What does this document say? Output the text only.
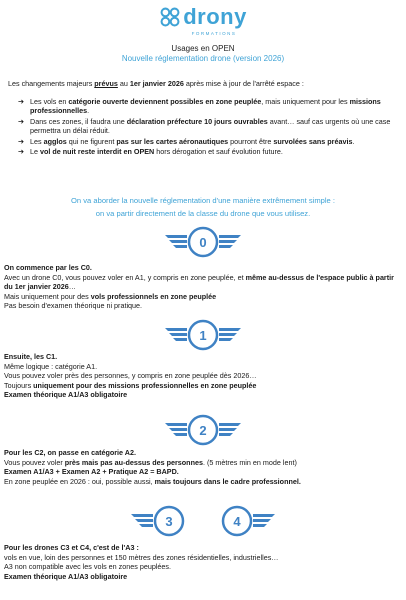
drony
FORMATIONS
Usages en OPEN
Nouvelle réglementation drone (version 2026)
Les changements majeurs prévus au 1er janvier 2026 après mise à jour de l'arrêté espace :
➔ Les vols en catégorie ouverte deviennent possibles en zone peuplée, mais uniquement pour les missions professionnelles.
➔ Dans ces zones, il faudra une déclaration préfecture 10 jours ouvrables avant… sauf cas urgents où une case permettra un délai réduit.
➔ Les agglos qui ne figurent pas sur les cartes aéronautiques pourront être survolées sans préavis.
➔ Le vol de nuit reste interdit en OPEN hors dérogation et sauf évolution future.
On va aborder la nouvelle réglementation d'une manière extrêmement simple :
on va partir directement de la classe du drone que vous utilisez.
0
On commence par les C0.
Avec un drone C0, vous pouvez voler en A1, y compris en zone peuplée, et même au-dessus de l'espace public à partir du 1er janvier 2026…
Mais uniquement pour des vols professionnels en zone peuplée
Pas besoin d'examen théorique ni pratique.
1
Ensuite, les C1.
Même logique : catégorie A1.
Vous pouvez voler près des personnes, y compris en zone peuplée dès 2026…
Toujours uniquement pour des missions professionnelles en zone peuplée
Examen théorique A1/A3 obligatoire
2
Pour les C2, on passe en catégorie A2.
Vous pouvez voler près mais pas au-dessus des personnes. (5 mètres min en mode lent)
Examen A1/A3 + Examen A2 + Pratique A2 = BAPD.
En zone peuplée en 2026 : oui, possible aussi, mais toujours dans le cadre professionnel.
3	4
Pour les drones C3 et C4, c'est de l'A3 :
vols en vue, loin des personnes et 150 mètres des zones résidentielles, industrielles…
A3 non compatible avec les vols en zones peuplées.
Examen théorique A1/A3 obligatoire
